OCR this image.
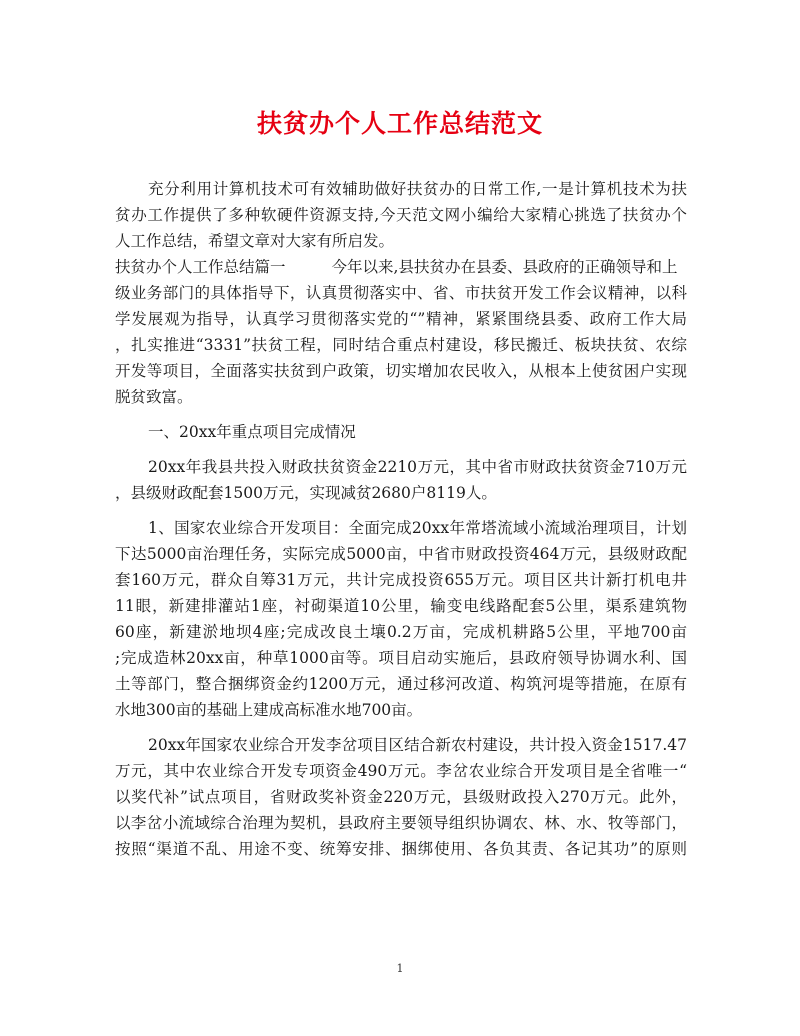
扶贫办个人工作总结范文

充分利用计算机技术可有效辅助做好扶贫办的日常工作,一是计算机技术为扶

贫办工作提供了多种软硬件资源支持,今天范文网小编给大家精心挑选了扶贫办个

人工作总结，希望文章对大家有所启发。

扶贫办个人工作总结篇一	今年以来,县扶贫办在县委、县政府的正确领导和上

级业务部门的具体指导下，认真贯彻落实中、省、市扶贫开发工作会议精神，以科

学发展观为指导，认真学习贯彻落实党的“”精神，紧紧围绕县委、政府工作大局

，扎实推进“3331”扶贫工程，同时结合重点村建设，移民搬迁、板块扶贫、农综

开发等项目，全面落实扶贫到户政策，切实增加农民收入，从根本上使贫困户实现

脱贫致富。

一、20xx年重点项目完成情况

20xx年我县共投入财政扶贫资金2210万元，其中省市财政扶贫资金710万元

，县级财政配套1500万元，实现减贫2680户8119人。

1、国家农业综合开发项目：全面完成20xx年常塔流域小流域治理项目，计划

下达5000亩治理任务，实际完成5000亩，中省市财政投资464万元，县级财政配

套160万元，群众自筹31万元，共计完成投资655万元。项目区共计新打机电井

11眼，新建排灌站1座，衬砌渠道10公里，输变电线路配套5公里，渠系建筑物

60座，新建淤地坝4座;完成改良土壤0.2万亩，完成机耕路5公里，平地700亩

;完成造林20xx亩，种草1000亩等。项目启动实施后，县政府领导协调水利、国

土等部门，整合捆绑资金约1200万元，通过移河改道、构筑河堤等措施，在原有

水地300亩的基础上建成高标准水地700亩。

20xx年国家农业综合开发李岔项目区结合新农村建设，共计投入资金1517.47

万元，其中农业综合开发专项资金490万元。李岔农业综合开发项目是全省唯一“

以奖代补”试点项目，省财政奖补资金220万元，县级财政投入270万元。此外，

以李岔小流域综合治理为契机，县政府主要领导组织协调农、林、水、牧等部门，

按照“渠道不乱、用途不变、统筹安排、捆绑使用、各负其责、各记其功”的原则

1
